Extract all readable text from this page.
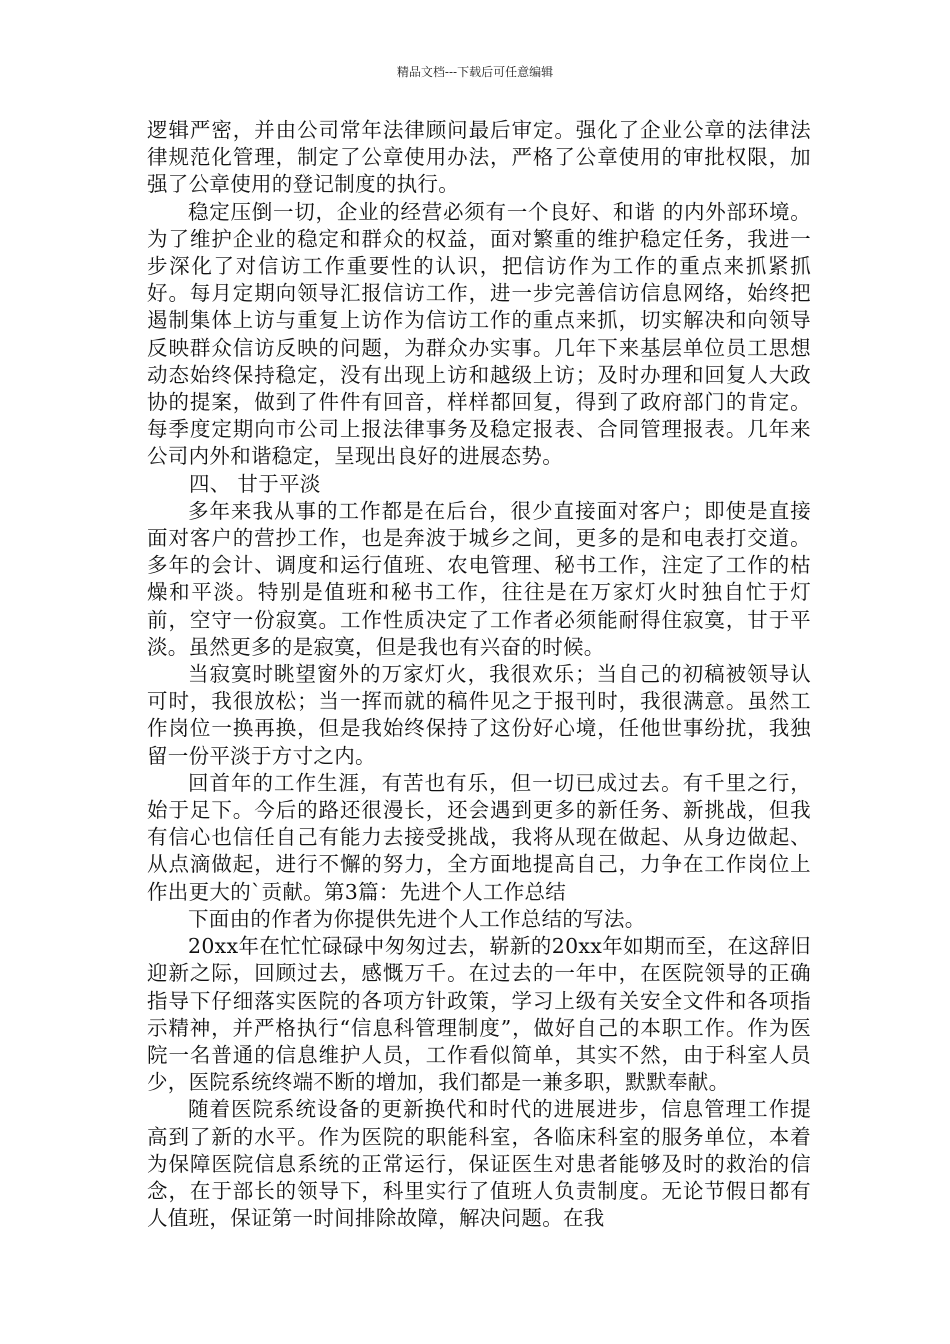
精品文档---下载后可任意编辑

逻辑严密，并由公司常年法律顾问最后审定。强化了企业公章的法律法律规范化管理，制定了公章使用办法，严格了公章使用的审批权限，加强了公章使用的登记制度的执行。

稳定压倒一切，企业的经营必须有一个良好、和谐 的内外部环境。为了维护企业的稳定和群众的权益，面对繁重的维护稳定任务，我进一步深化了对信访工作重要性的认识，把信访作为工作的重点来抓紧抓好。每月定期向领导汇报信访工作，进一步完善信访信息网络，始终把遏制集体上访与重复上访作为信访工作的重点来抓，切实解决和向领导反映群众信访反映的问题，为群众办实事。几年下来基层单位员工思想动态始终保持稳定，没有出现上访和越级上访；及时办理和回复人大政协的提案，做到了件件有回音，样样都回复，得到了政府部门的肯定。每季度定期向市公司上报法律事务及稳定报表、合同管理报表。几年来公司内外和谐稳定，呈现出良好的进展态势。

四、 甘于平淡

多年来我从事的工作都是在后台，很少直接面对客户；即使是直接面对客户的营抄工作，也是奔波于城乡之间，更多的是和电表打交道。多年的会计、调度和运行值班、农电管理、秘书工作，注定了工作的枯燥和平淡。特别是值班和秘书工作，往往是在万家灯火时独自忙于灯前，空守一份寂寞。工作性质决定了工作者必须能耐得住寂寞，甘于平淡。虽然更多的是寂寞，但是我也有兴奋的时候。

当寂寞时眺望窗外的万家灯火，我很欢乐；当自己的初稿被领导认可时，我很放松；当一挥而就的稿件见之于报刊时，我很满意。虽然工作岗位一换再换，但是我始终保持了这份好心境，任他世事纷扰，我独留一份平淡于方寸之内。

回首年的工作生涯，有苦也有乐，但一切已成过去。有千里之行，始于足下。今后的路还很漫长，还会遇到更多的新任务、新挑战，但我有信心也信任自己有能力去接受挑战，我将从现在做起、从身边做起、从点滴做起，进行不懈的努力，全方面地提高自己，力争在工作岗位上作出更大的`贡献。第3篇：先进个人工作总结

下面由的作者为你提供先进个人工作总结的写法。

20xx年在忙忙碌碌中匆匆过去，崭新的20xx年如期而至，在这辞旧迎新之际，回顾过去，感慨万千。在过去的一年中，在医院领导的正确指导下仔细落实医院的各项方针政策，学习上级有关安全文件和各项指示精神，并严格执行“信息科管理制度”，做好自己的本职工作。作为医院一名普通的信息维护人员，工作看似简单，其实不然，由于科室人员少，医院系统终端不断的增加，我们都是一兼多职，默默奉献。

随着医院系统设备的更新换代和时代的进展进步，信息管理工作提高到了新的水平。作为医院的职能科室，各临床科室的服务单位，本着为保障医院信息系统的正常运行，保证医生对患者能够及时的救治的信念，在于部长的领导下，科里实行了值班人负责制度。无论节假日都有人值班，保证第一时间排除故障，解决问题。在我
